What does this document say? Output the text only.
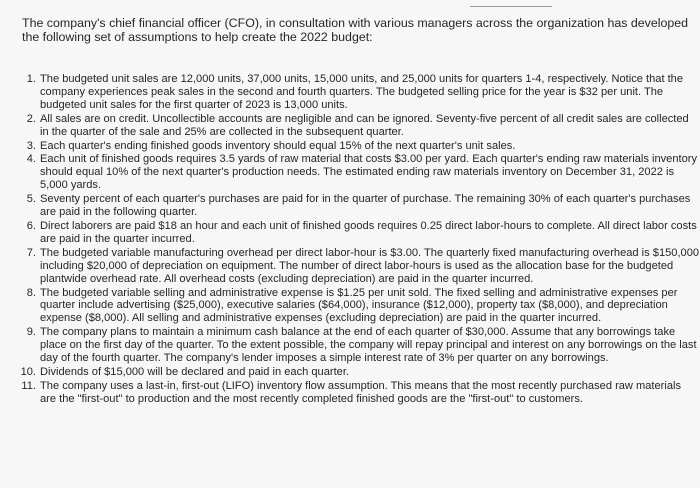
The company's chief financial officer (CFO), in consultation with various managers across the organization has developed the following set of assumptions to help create the 2022 budget:

1. The budgeted unit sales are 12,000 units, 37,000 units, 15,000 units, and 25,000 units for quarters 1-4, respectively. Notice that the company experiences peak sales in the second and fourth quarters. The budgeted selling price for the year is $32 per unit. The budgeted unit sales for the first quarter of 2023 is 13,000 units.
2. All sales are on credit. Uncollectible accounts are negligible and can be ignored. Seventy-five percent of all credit sales are collected in the quarter of the sale and 25% are collected in the subsequent quarter.
3. Each quarter's ending finished goods inventory should equal 15% of the next quarter's unit sales.
4. Each unit of finished goods requires 3.5 yards of raw material that costs $3.00 per yard. Each quarter's ending raw materials inventory should equal 10% of the next quarter's production needs. The estimated ending raw materials inventory on December 31, 2022 is 5,000 yards.
5. Seventy percent of each quarter's purchases are paid for in the quarter of purchase. The remaining 30% of each quarter's purchases are paid in the following quarter.
6. Direct laborers are paid $18 an hour and each unit of finished goods requires 0.25 direct labor-hours to complete. All direct labor costs are paid in the quarter incurred.
7. The budgeted variable manufacturing overhead per direct labor-hour is $3.00. The quarterly fixed manufacturing overhead is $150,000 including $20,000 of depreciation on equipment. The number of direct labor-hours is used as the allocation base for the budgeted plantwide overhead rate. All overhead costs (excluding depreciation) are paid in the quarter incurred.
8. The budgeted variable selling and administrative expense is $1.25 per unit sold. The fixed selling and administrative expenses per quarter include advertising ($25,000), executive salaries ($64,000), insurance ($12,000), property tax ($8,000), and depreciation expense ($8,000). All selling and administrative expenses (excluding depreciation) are paid in the quarter incurred.
9. The company plans to maintain a minimum cash balance at the end of each quarter of $30,000. Assume that any borrowings take place on the first day of the quarter. To the extent possible, the company will repay principal and interest on any borrowings on the last day of the fourth quarter. The company's lender imposes a simple interest rate of 3% per quarter on any borrowings.
10. Dividends of $15,000 will be declared and paid in each quarter.
11. The company uses a last-in, first-out (LIFO) inventory flow assumption. This means that the most recently purchased raw materials are the "first-out" to production and the most recently completed finished goods are the "first-out" to customers.
